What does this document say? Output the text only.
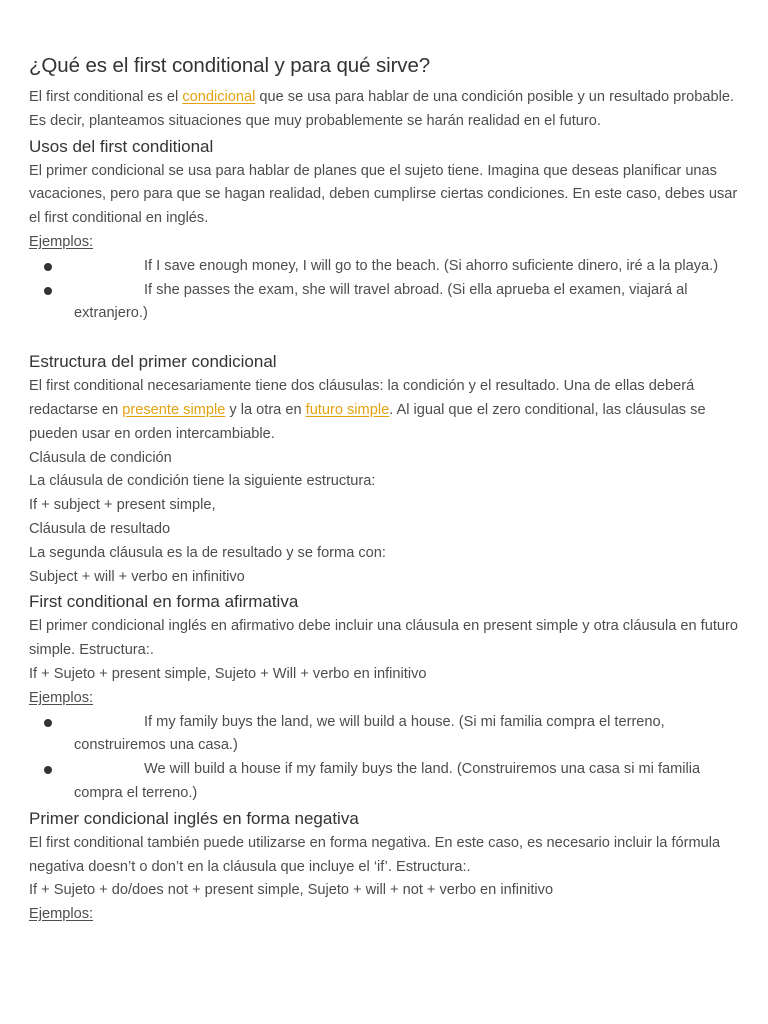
¿Qué es el first conditional y para qué sirve?

El first conditional es el condicional que se usa para hablar de una condición posible y un resultado probable. Es decir, planteamos situaciones que muy probablemente se harán realidad en el futuro.

Usos del first conditional

El primer condicional se usa para hablar de planes que el sujeto tiene. Imagina que deseas planificar unas vacaciones, pero para que se hagan realidad, deben cumplirse ciertas condiciones. En este caso, debes usar el first conditional en inglés.

Ejemplos:

If I save enough money, I will go to the beach. (Si ahorro suficiente dinero, iré a la playa.)
If she passes the exam, she will travel abroad. (Si ella aprueba el examen, viajará al extranjero.)
Estructura del primer condicional

El first conditional necesariamente tiene dos cláusulas: la condición y el resultado. Una de ellas deberá redactarse en presente simple y la otra en futuro simple. Al igual que el zero conditional, las cláusulas se pueden usar en orden intercambiable.

Cláusula de condición

La cláusula de condición tiene la siguiente estructura:

If + subject + present simple,

Cláusula de resultado

La segunda cláusula es la de resultado y se forma con:

Subject + will + verbo en infinitivo

First conditional en forma afirmativa

El primer condicional inglés en afirmativo debe incluir una cláusula en present simple y otra cláusula en futuro simple. Estructura:.

If + Sujeto + present simple, Sujeto + Will + verbo en infinitivo

Ejemplos:

If my family buys the land, we will build a house. (Si mi familia compra el terreno, construiremos una casa.)
We will build a house if my family buys the land. (Construiremos una casa si mi familia compra el terreno.)
Primer condicional inglés en forma negativa

El first conditional también puede utilizarse en forma negativa. En este caso, es necesario incluir la fórmula negativa doesn’t o don’t en la cláusula que incluye el ‘if’. Estructura:.

If + Sujeto + do/does not + present simple, Sujeto + will + not + verbo en infinitivo

Ejemplos:
